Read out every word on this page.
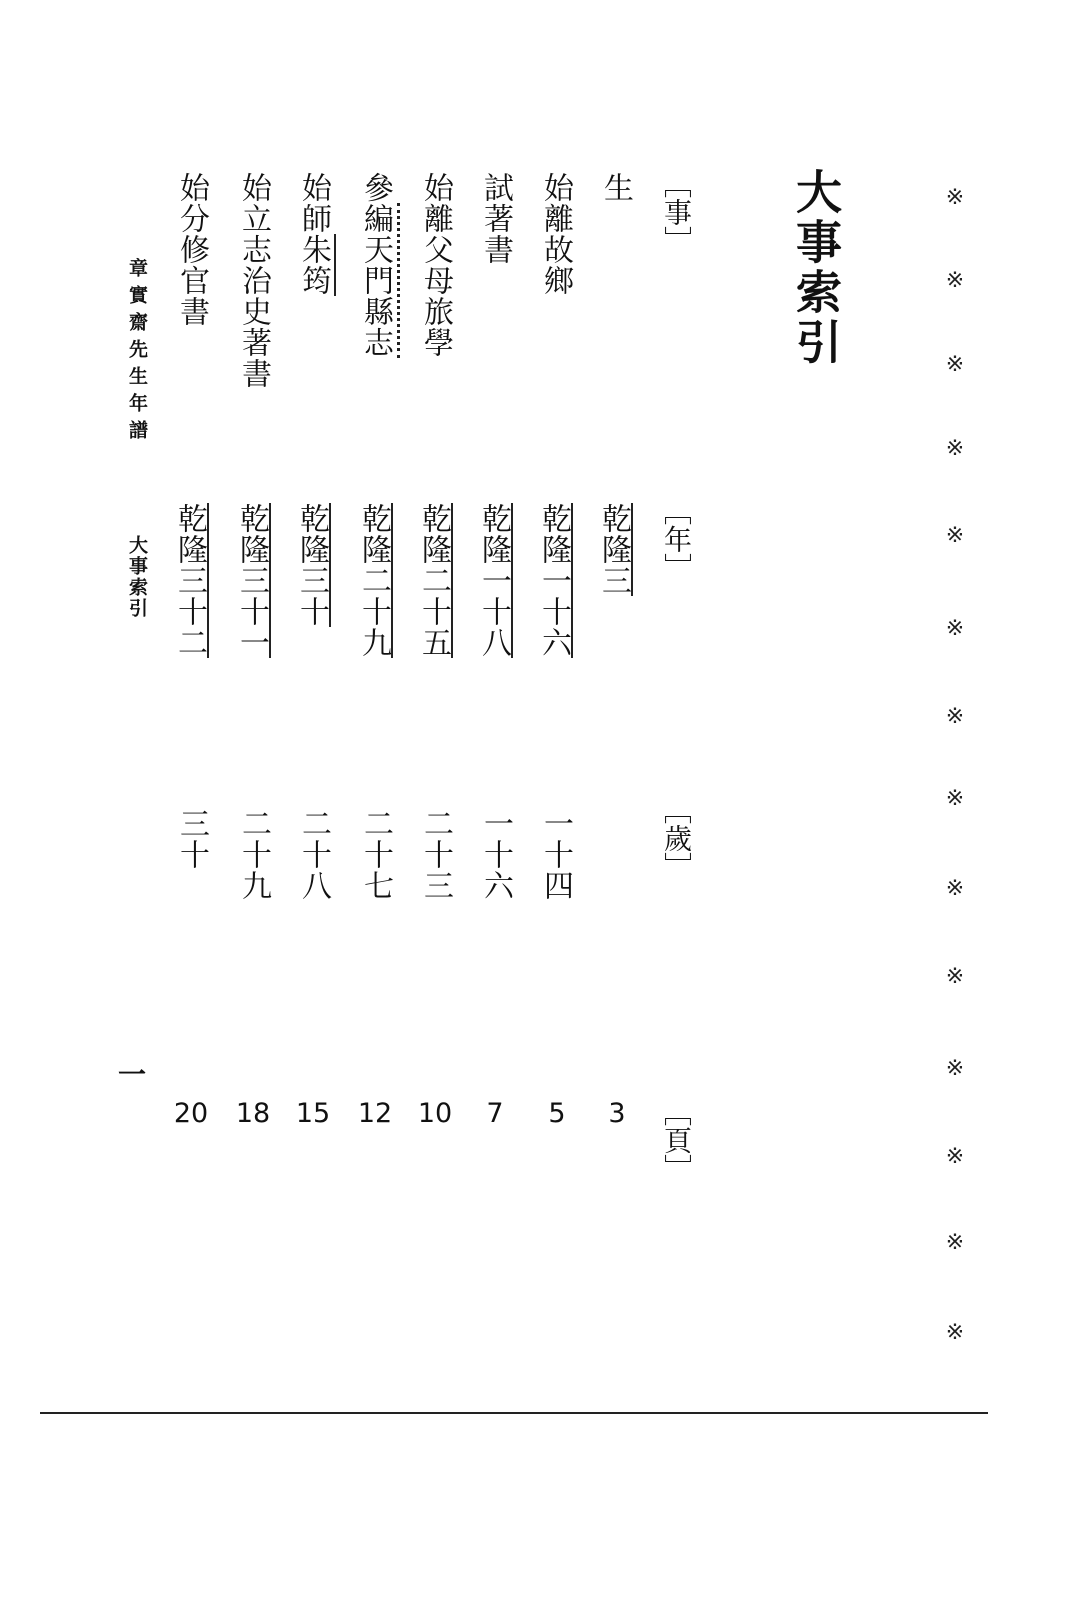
大事索引
［事］
［年］
［歲］
［頁］
生
乾隆三
3
始離故鄉
乾隆一十六
一十四
5
試著書
乾隆一十八
一十六
7
始離父母旅學
乾隆二十五
二十三
10
參編天門縣志
乾隆二十九
二十七
12
始師朱筠
乾隆三十
二十八
15
始立志治史著書
乾隆三十一
二十九
18
始分修官書
乾隆三十二
三十
20
章實齋先生年譜
大事索引
一
※
※
※
※
※
※
※
※
※
※
※
※
※
※
